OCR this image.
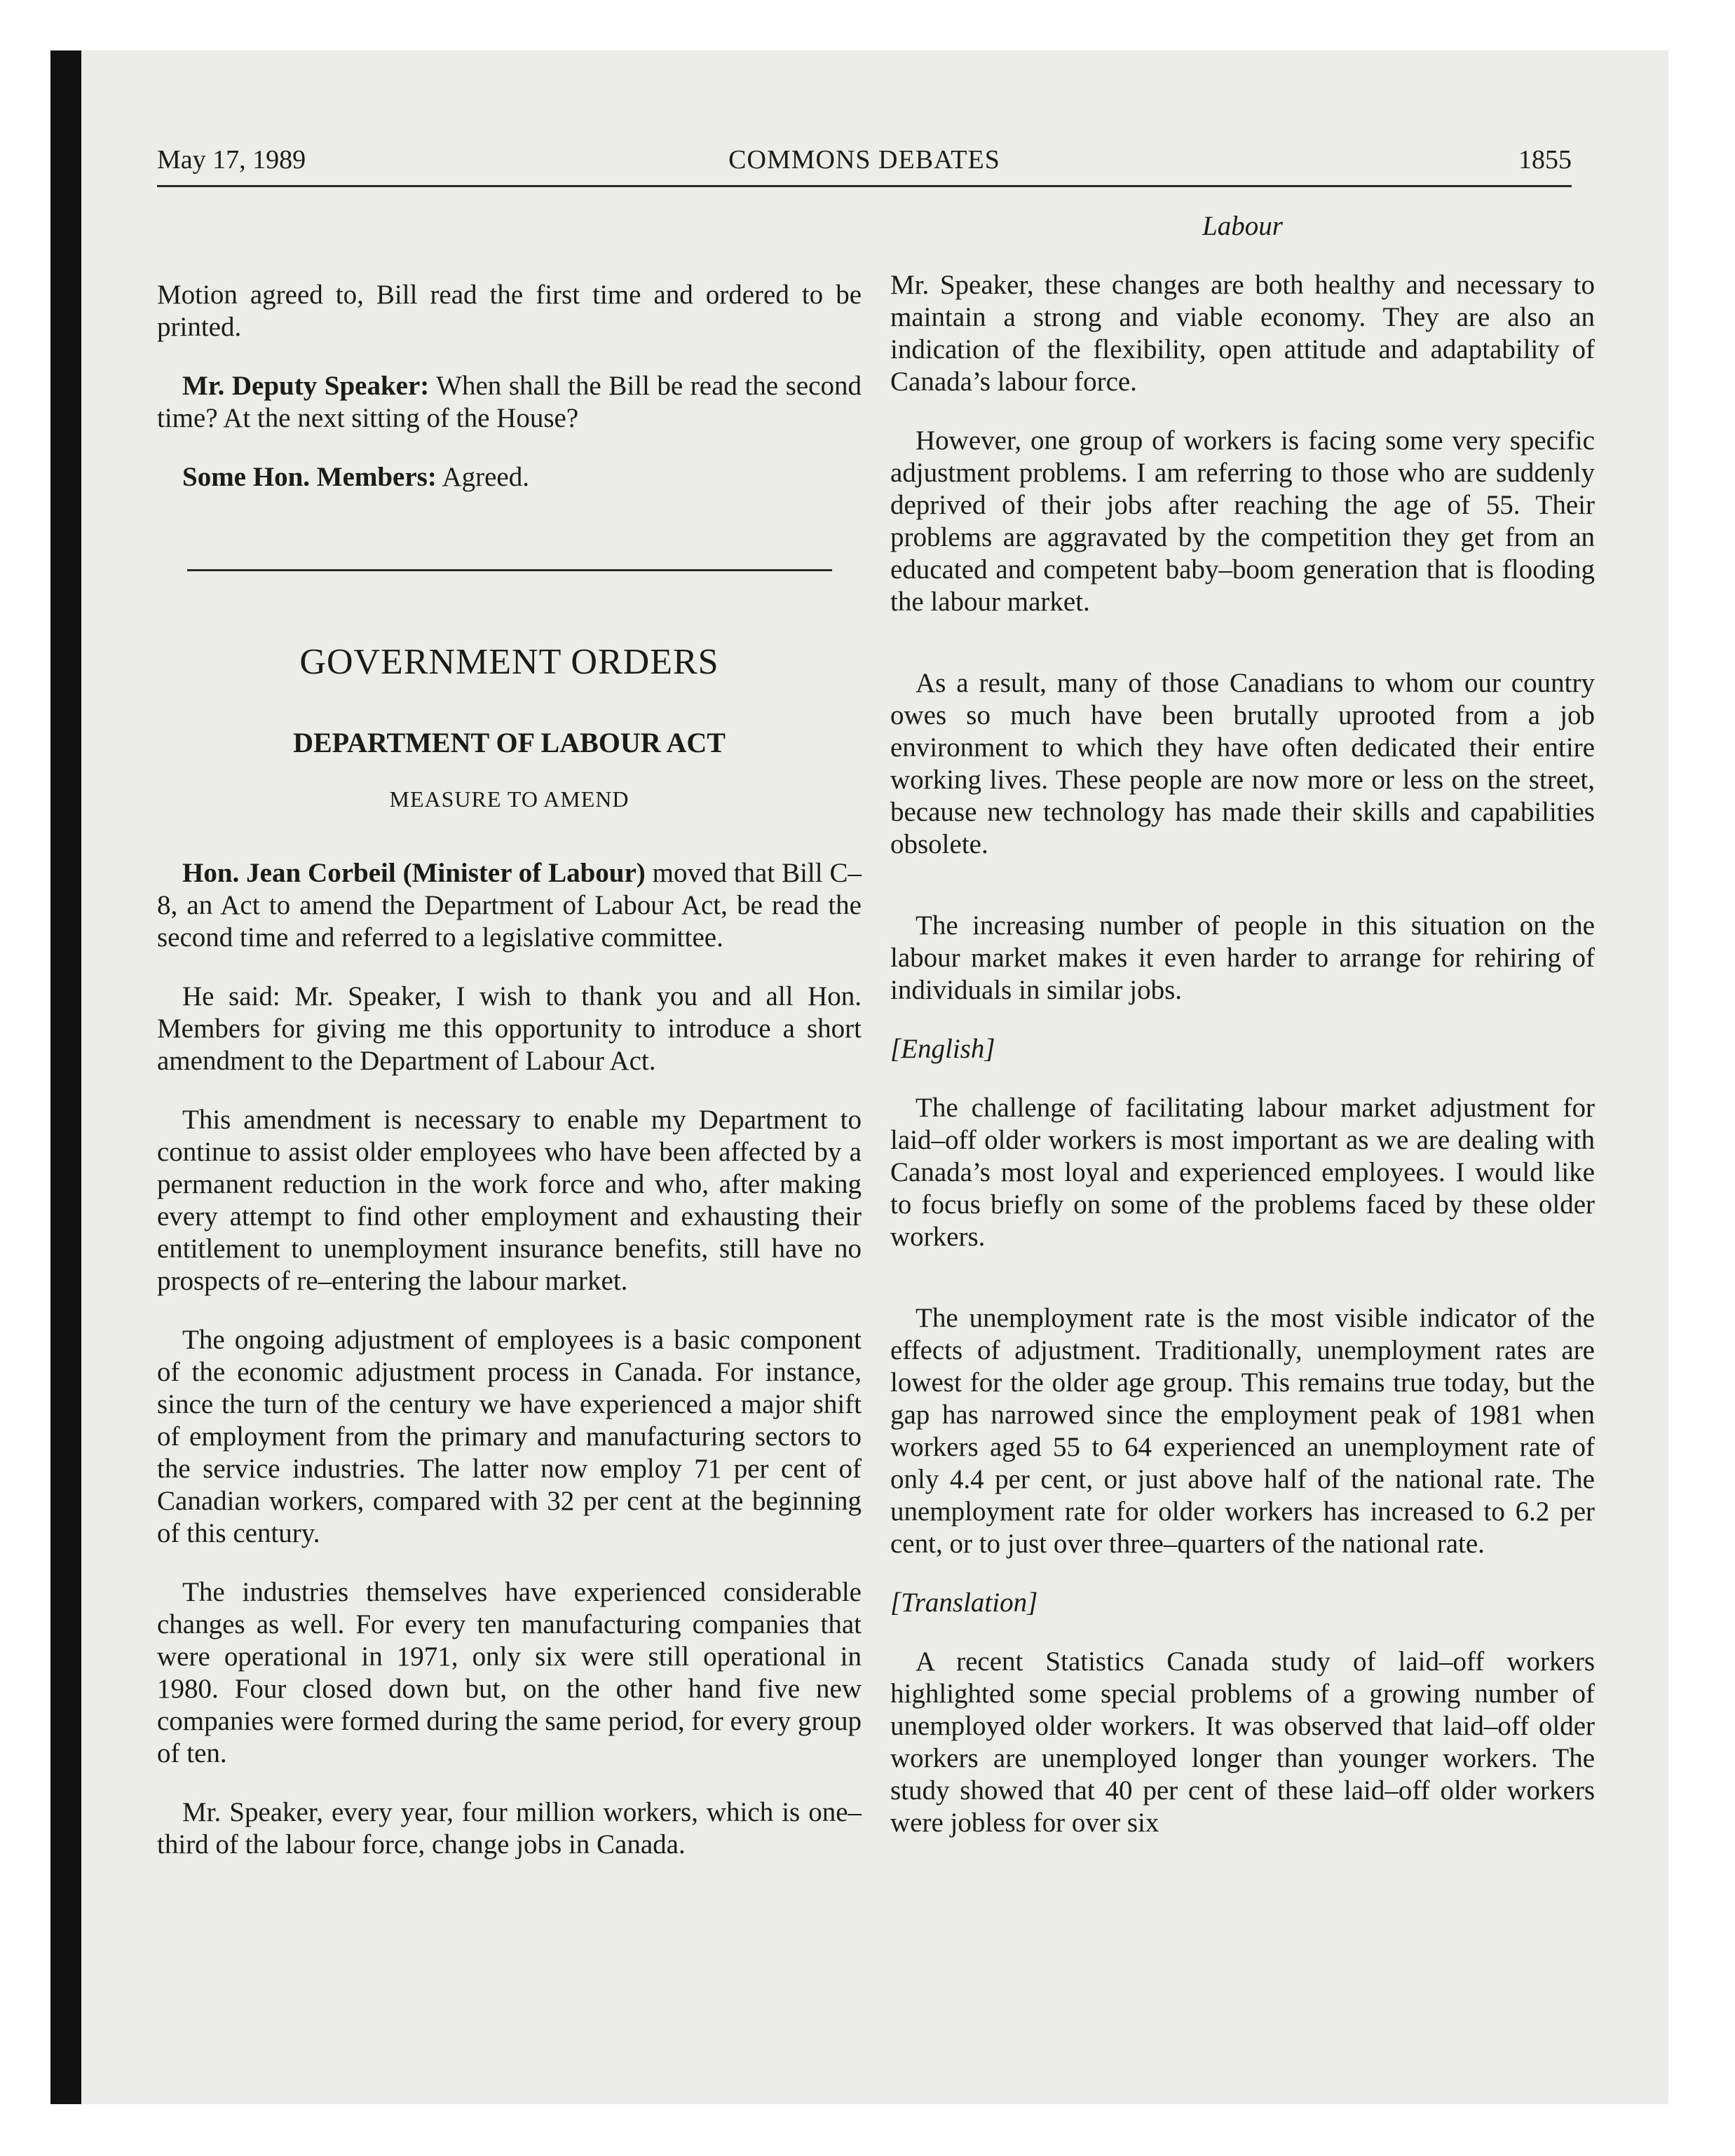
May 17, 1989	COMMONS DEBATES	1855

Motion agreed to, Bill read the first time and ordered to be printed.

Mr. Deputy Speaker: When shall the Bill be read the second time? At the next sitting of the House?

Some Hon. Members: Agreed.

GOVERNMENT ORDERS
DEPARTMENT OF LABOUR ACT
MEASURE TO AMEND

Hon. Jean Corbeil (Minister of Labour) moved that Bill C–8, an Act to amend the Department of Labour Act, be read the second time and referred to a legislative committee.

He said: Mr. Speaker, I wish to thank you and all Hon. Members for giving me this opportunity to introduce a short amendment to the Department of Labour Act.

This amendment is necessary to enable my Department to continue to assist older employees who have been affected by a permanent reduction in the work force and who, after making every attempt to find other employment and exhausting their entitlement to unemployment insurance benefits, still have no prospects of re–entering the labour market.

The ongoing adjustment of employees is a basic component of the economic adjustment process in Canada. For instance, since the turn of the century we have experienced a major shift of employment from the primary and manufacturing sectors to the service industries. The latter now employ 71 per cent of Canadian workers, compared with 32 per cent at the beginning of this century.

The industries themselves have experienced considerable changes as well. For every ten manufacturing companies that were operational in 1971, only six were still operational in 1980. Four closed down but, on the other hand five new companies were formed during the same period, for every group of ten.

Mr. Speaker, every year, four million workers, which is one–third of the labour force, change jobs in Canada.

Labour

Mr. Speaker, these changes are both healthy and necessary to maintain a strong and viable economy. They are also an indication of the flexibility, open attitude and adaptability of Canada’s labour force.

However, one group of workers is facing some very specific adjustment problems. I am referring to those who are suddenly deprived of their jobs after reaching the age of 55. Their problems are aggravated by the competition they get from an educated and competent baby–boom generation that is flooding the labour market.

As a result, many of those Canadians to whom our country owes so much have been brutally uprooted from a job environment to which they have often dedicated their entire working lives. These people are now more or less on the street, because new technology has made their skills and capabilities obsolete.

The increasing number of people in this situation on the labour market makes it even harder to arrange for rehiring of individuals in similar jobs.

[English]

The challenge of facilitating labour market adjustment for laid–off older workers is most important as we are dealing with Canada’s most loyal and experienced employees. I would like to focus briefly on some of the problems faced by these older workers.

The unemployment rate is the most visible indicator of the effects of adjustment. Traditionally, unemployment rates are lowest for the older age group. This remains true today, but the gap has narrowed since the employment peak of 1981 when workers aged 55 to 64 experienced an unemployment rate of only 4.4 per cent, or just above half of the national rate. The unemployment rate for older workers has increased to 6.2 per cent, or to just over three–quarters of the national rate.

[Translation]

A recent Statistics Canada study of laid–off workers highlighted some special problems of a growing number of unemployed older workers. It was observed that laid–off older workers are unemployed longer than younger workers. The study showed that 40 per cent of these laid–off older workers were jobless for over six
